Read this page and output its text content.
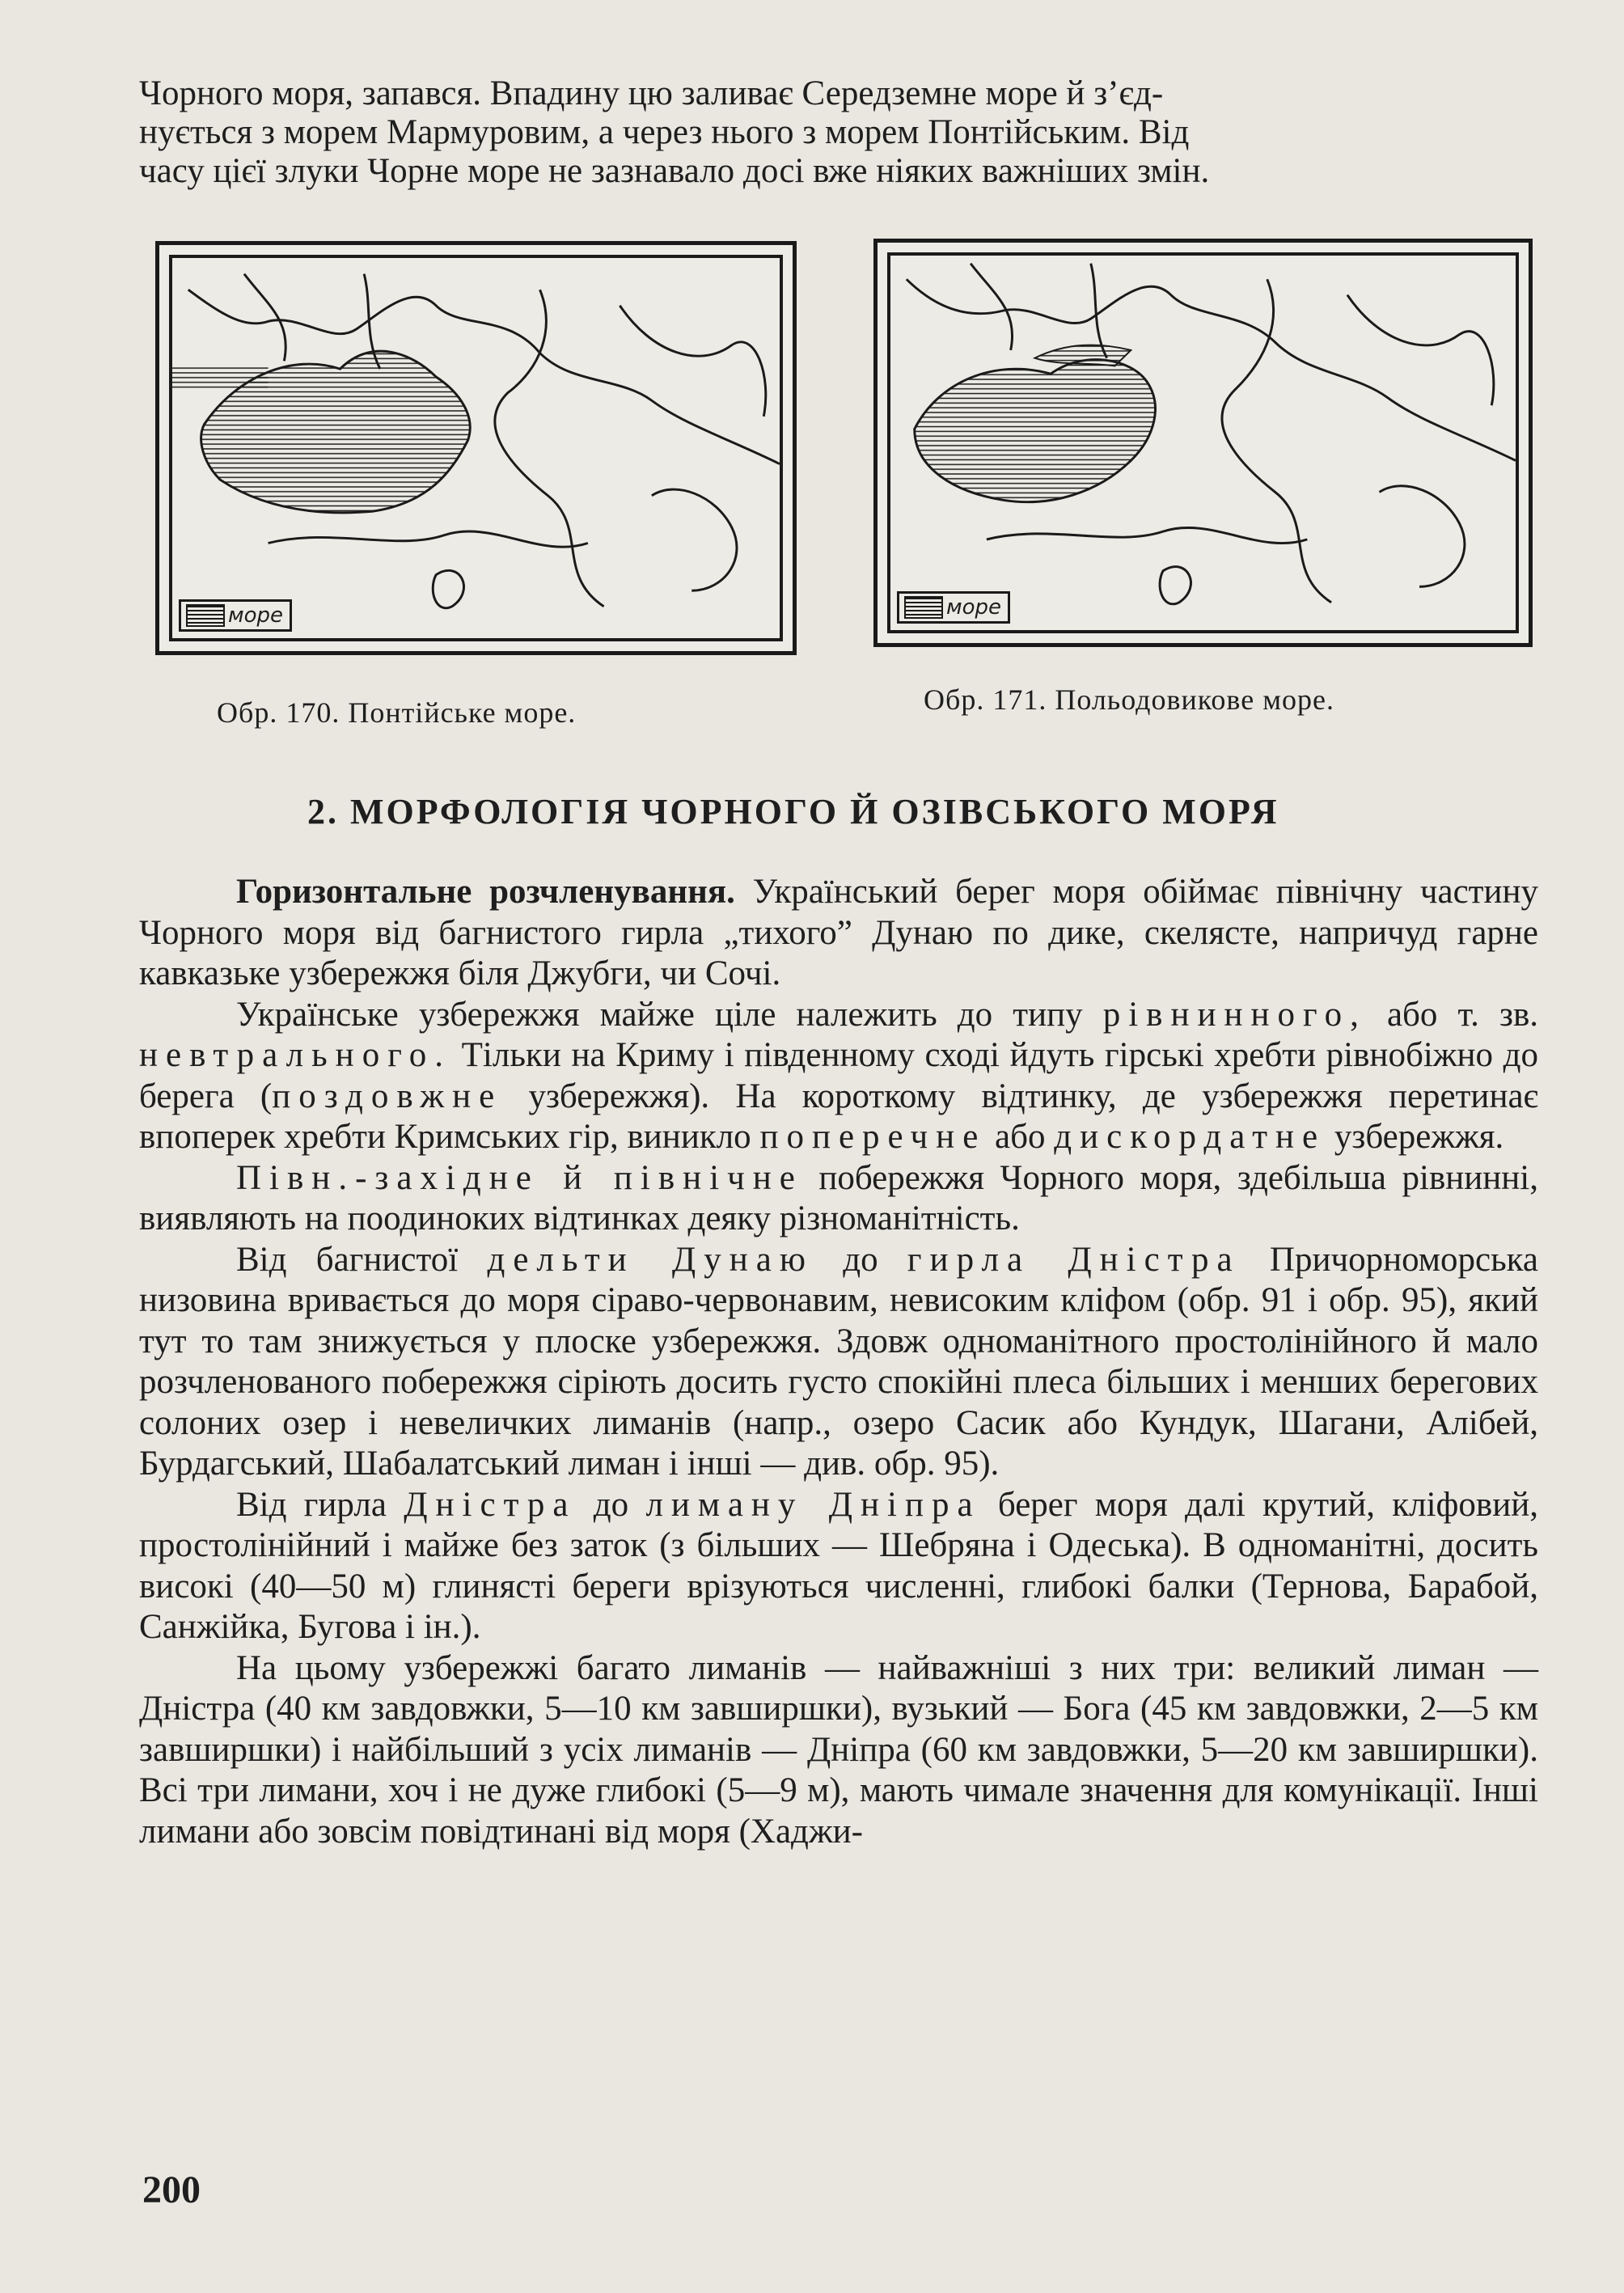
Чорного моря, запався. Впадину цю заливає Середземне море й з’єд-
нується з морем Мармуровим, а через нього з морем Понтійським. Від
часу цієї злуки Чорне море не зазнавало досі вже ніяких важніших змін.
море
Обр. 170. Понтійське море.
море
Обр. 171. Польодовикове море.
2. МОРФОЛОГІЯ ЧОРНОГО Й ОЗІВСЬКОГО МОРЯ

Горизонтальне розчленування. Український берег моря обіймає північну частину Чорного моря від багнистого гирла „тихого” Дунаю по дике, скелясте, напричуд гарне кавказьке узбережжя біля Джубги, чи Сочі.

Українське узбережжя майже ціле належить до типу рівнинного, або т. зв. невтрального. Тільки на Криму і південному сході йдуть гірські хребти рівнобіжно до берега (поздовжне узбережжя). На короткому відтинку, де узбережжя перетинає впоперек хребти Кримських гір, виникло поперечне або дискордатне узбережжя.

Півн.-західне й північне побережжя Чорного моря, здебільша рівнинні, виявляють на поодиноких відтинках деяку різноманітність.

Від багнистої дельти Дунаю до гирла Дністра Причорноморська низовина вривається до моря сіраво-червонавим, невисоким кліфом (обр. 91 і обр. 95), який тут то там знижується у плоске узбережжя. Здовж одноманітного простолінійного й мало розчленованого побережжя сіріють досить густо спокійні плеса більших і менших берегових солоних озер і невеличких лиманів (напр., озеро Сасик або Кундук, Шагани, Алібей, Бурдагський, Шабалатський лиман і інші — див. обр. 95).

Від гирла Дністра до лиману Дніпра берег моря далі крутий, кліфовий, простолінійний і майже без заток (з більших — Шебряна і Одеська). В одноманітні, досить високі (40—50 м) глинясті береги врізуються численні, глибокі балки (Тернова, Барабой, Санжійка, Бугова і ін.).

На цьому узбережжі багато лиманів — найважніші з них три: великий лиман — Дністра (40 км завдовжки, 5—10 км завширшки), вузький — Бога (45 км завдовжки, 2—5 км завширшки) і найбільший з усіх лиманів — Дніпра (60 км завдовжки, 5—20 км завширшки). Всі три лимани, хоч і не дуже глибокі (5—9 м), мають чимале значення для комунікації. Інші лимани або зовсім повідтинані від моря (Хаджи-

200
